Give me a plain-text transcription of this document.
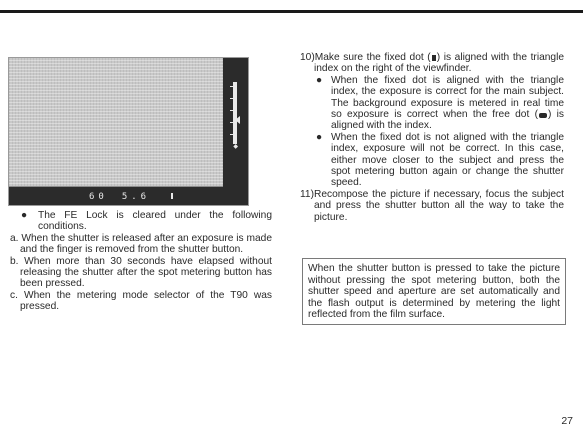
60 5.6
◆
● The FE Lock is cleared under the following conditions.
a. When the shutter is released after an exposure is made and the finger is removed from the shutter button.
b. When more than 30 seconds have elapsed without releasing the shutter after the spot metering button has been pressed.
c. When the metering mode selector of the T90 was pressed.
10)Make sure the fixed dot ( ) is aligned with the triangle index on the right of the viewfinder.
● When the fixed dot is aligned with the triangle index, the exposure is correct for the main subject. The background exposure is metered in real time so exposure is correct when the free dot ( ) is aligned with the index.
● When the fixed dot is not aligned with the triangle index, exposure will not be correct. In this case, either move closer to the subject and press the spot metering button again or change the shutter speed.
11)Recompose the picture if necessary, focus the subject and press the shutter button all the way to take the picture.
When the shutter button is pressed to take the picture without pressing the spot metering button, both the shutter speed and aperture are set automatically and the flash output is determined by metering the light reflected from the film surface.
27
